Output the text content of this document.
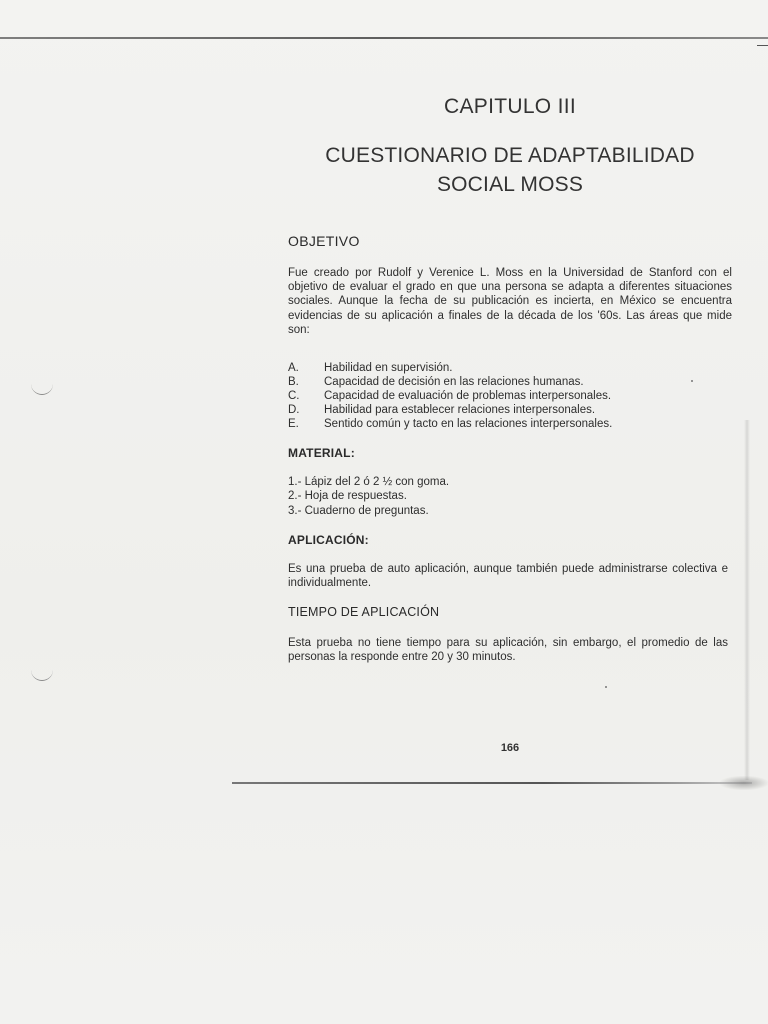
CAPITULO III
CUESTIONARIO DE ADAPTABILIDAD
SOCIAL MOSS
OBJETIVO
Fue creado por Rudolf y Verenice L. Moss en la Universidad de Stanford con el objetivo de evaluar el grado en que una persona se adapta a diferentes situaciones sociales. Aunque la fecha de su publicación es incierta, en México se encuentra evidencias de su aplicación a finales de la década de los '60s. Las áreas que mide son:
A.	Habilidad en supervisión.
B.	Capacidad de decisión en las relaciones humanas.
C.	Capacidad de evaluación de problemas interpersonales.
D.	Habilidad para establecer relaciones interpersonales.
E.	Sentido común y tacto en las relaciones interpersonales.
MATERIAL:
1.- Lápiz del 2 ó 2 ½ con goma.
2.- Hoja de respuestas.
3.- Cuaderno de preguntas.
APLICACIÓN:
Es una prueba de auto aplicación, aunque también puede administrarse colectiva e individualmente.
TIEMPO DE APLICACIÓN
Esta prueba no tiene tiempo para su aplicación, sin embargo, el promedio de las personas la responde entre 20 y 30 minutos.
166
